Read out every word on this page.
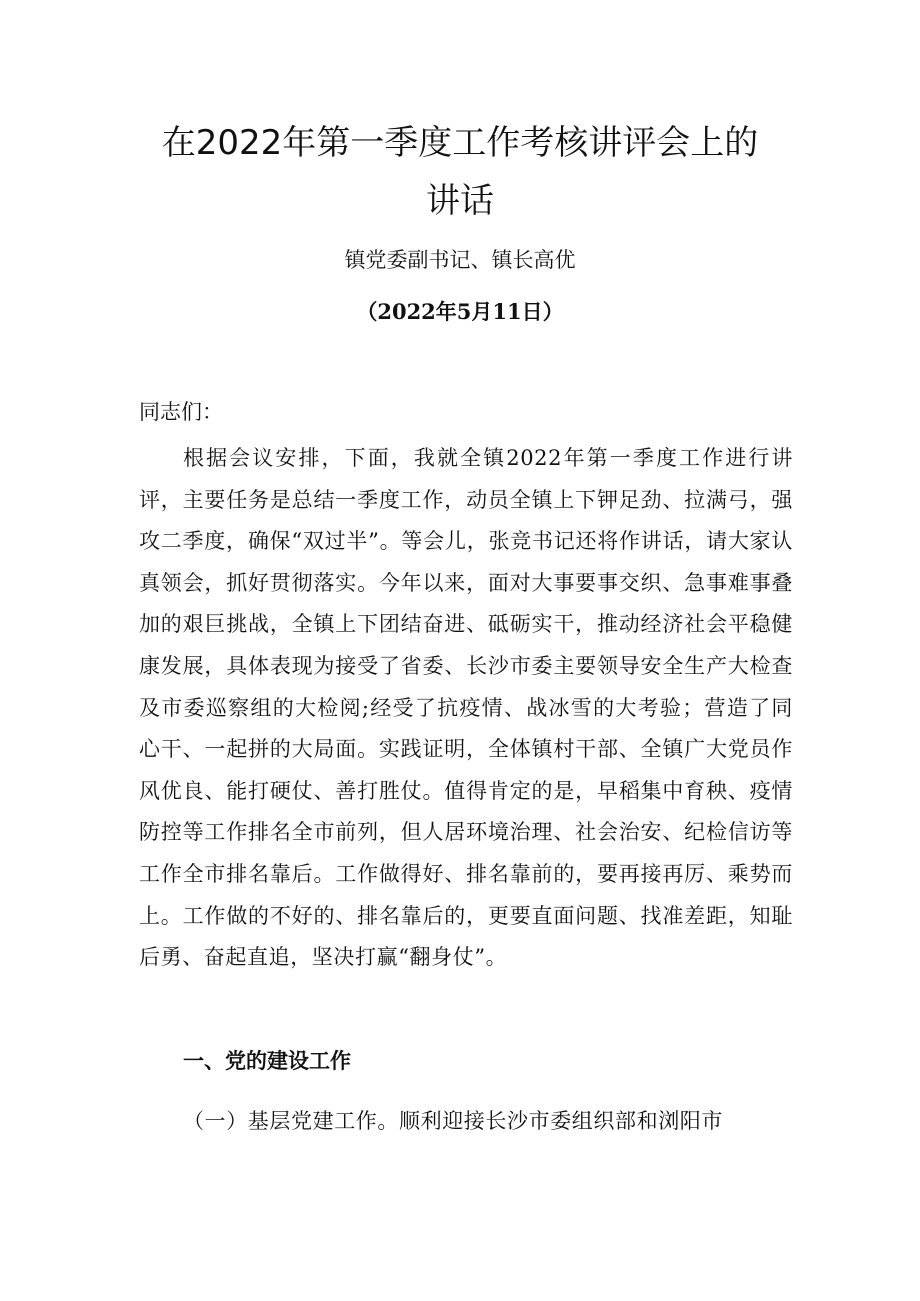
在2022年第一季度工作考核讲评会上的
讲话
镇党委副书记、镇长高优
（2022年5月11日）
同志们：
根据会议安排，下面，我就全镇2022年第一季度工作进行讲评，主要任务是总结一季度工作，动员全镇上下钾足劲、拉满弓，强攻二季度，确保“双过半”。等会儿，张竞书记还将作讲话，请大家认真领会，抓好贯彻落实。今年以来，面对大事要事交织、急事难事叠加的艰巨挑战，全镇上下团结奋进、砥砺实干，推动经济社会平稳健康发展，具体表现为接受了省委、长沙市委主要领导安全生产大检查及市委巡察组的大检阅;经受了抗疫情、战冰雪的大考验；营造了同心干、一起拼的大局面。实践证明，全体镇村干部、全镇广大党员作风优良、能打硬仗、善打胜仗。值得肯定的是，早稻集中育秧、疫情防控等工作排名全市前列，但人居环境治理、社会治安、纪检信访等工作全市排名靠后。工作做得好、排名靠前的，要再接再厉、乘势而上。工作做的不好的、排名靠后的，更要直面问题、找准差距，知耻后勇、奋起直追，坚决打赢“翻身仗”。
一、党的建设工作
（一）基层党建工作。顺利迎接长沙市委组织部和浏阳市
